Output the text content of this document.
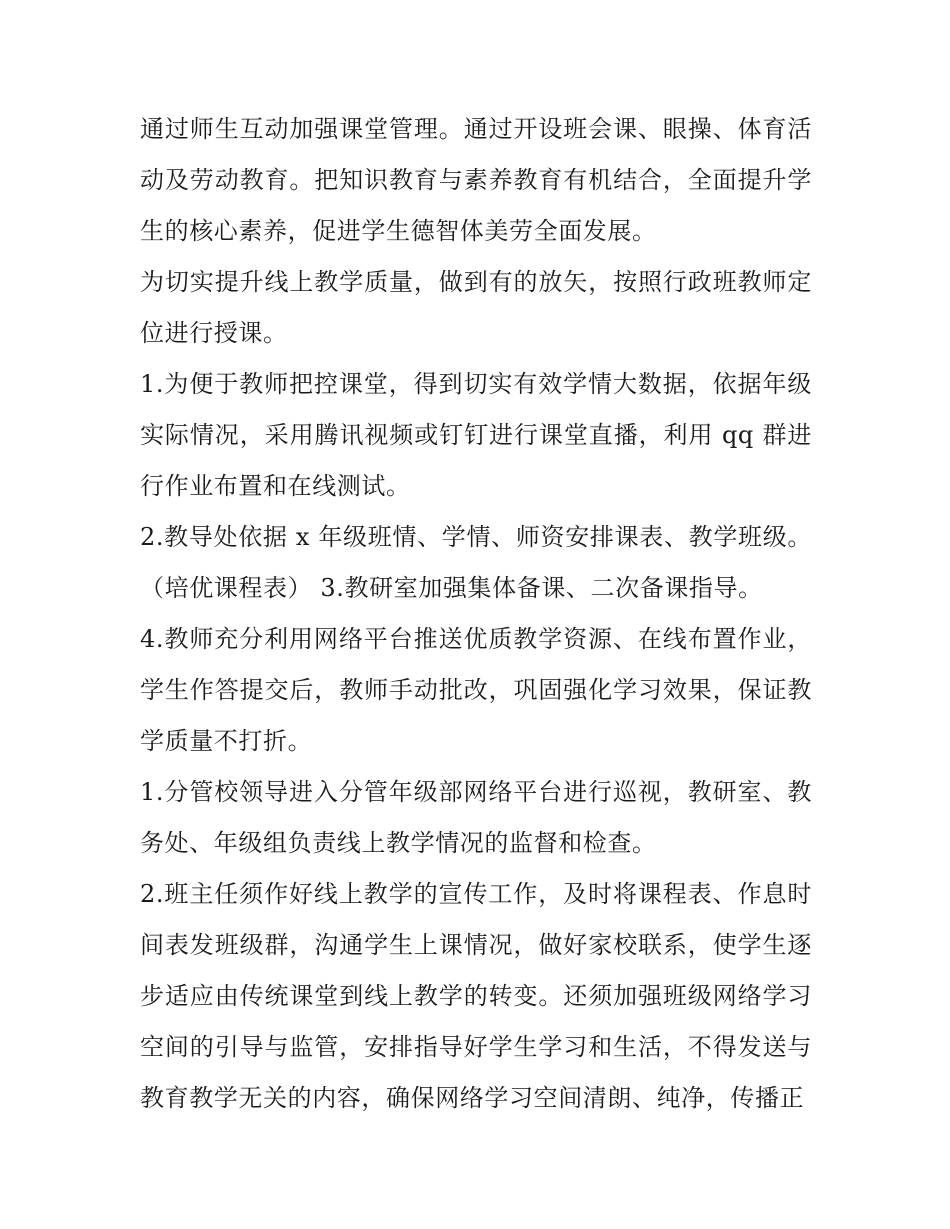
通过师生互动加强课堂管理。通过开设班会课、眼操、体育活动及劳动教育。把知识教育与素养教育有机结合，全面提升学生的核心素养，促进学生德智体美劳全面发展。

为切实提升线上教学质量，做到有的放矢，按照行政班教师定位进行授课。

1.为便于教师把控课堂，得到切实有效学情大数据，依据年级实际情况，采用腾讯视频或钉钉进行课堂直播，利用 qq 群进行作业布置和在线测试。

2.教导处依据 x 年级班情、学情、师资安排课表、教学班级。（培优课程表） 3.教研室加强集体备课、二次备课指导。

4.教师充分利用网络平台推送优质教学资源、在线布置作业，学生作答提交后，教师手动批改，巩固强化学习效果，保证教学质量不打折。

1.分管校领导进入分管年级部网络平台进行巡视，教研室、教务处、年级组负责线上教学情况的监督和检查。

2.班主任须作好线上教学的宣传工作，及时将课程表、作息时间表发班级群，沟通学生上课情况，做好家校联系，使学生逐步适应由传统课堂到线上教学的转变。还须加强班级网络学习空间的引导与监管，安排指导好学生学习和生活，不得发送与教育教学无关的内容，确保网络学习空间清朗、纯净，传播正
